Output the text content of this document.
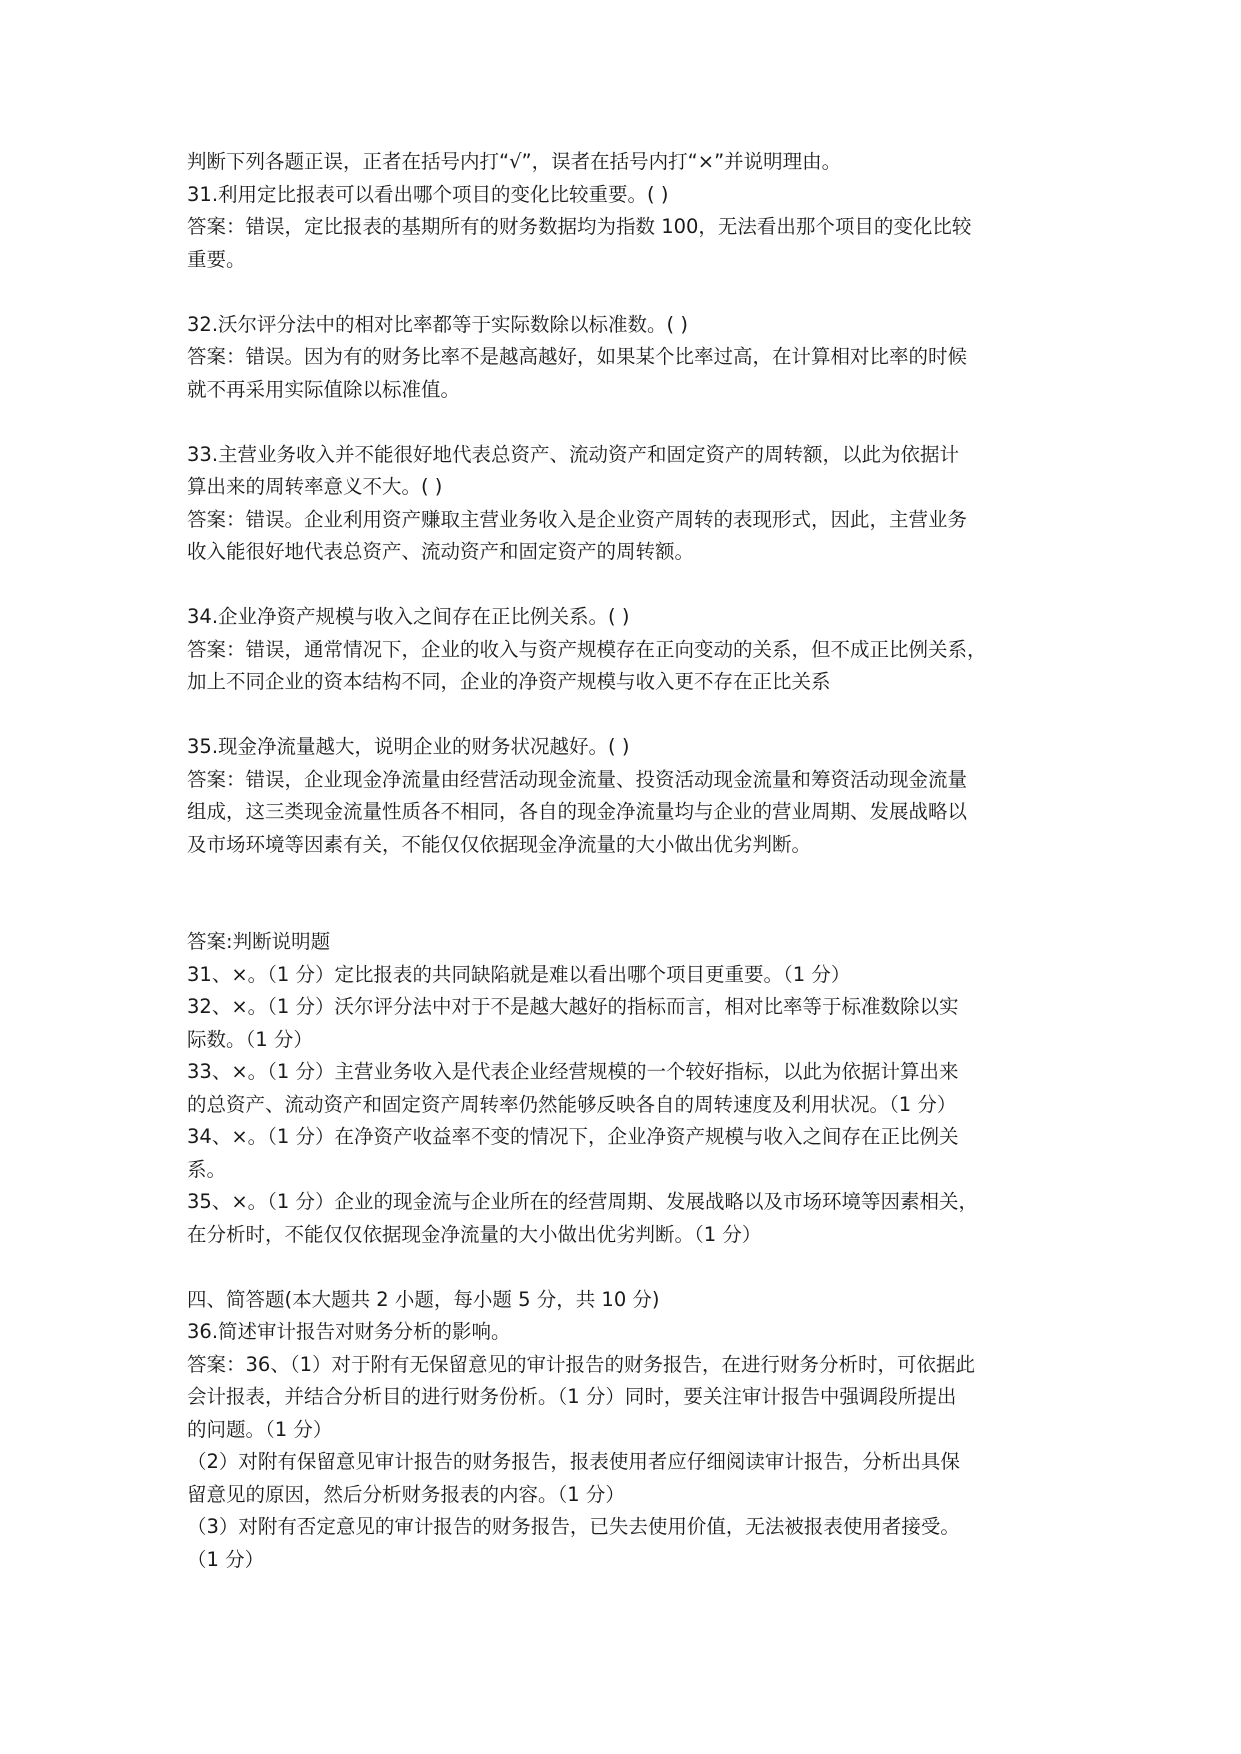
判断下列各题正误，正者在括号内打“√”，误者在括号内打“×”并说明理由。
31.利用定比报表可以看出哪个项目的变化比较重要。( )
答案：错误，定比报表的基期所有的财务数据均为指数 100，无法看出那个项目的变化比较
重要。
32.沃尔评分法中的相对比率都等于实际数除以标准数。( )
答案：错误。因为有的财务比率不是越高越好，如果某个比率过高，在计算相对比率的时候
就不再采用实际值除以标准值。
33.主营业务收入并不能很好地代表总资产、流动资产和固定资产的周转额，以此为依据计
算出来的周转率意义不大。( )
答案：错误。企业利用资产赚取主营业务收入是企业资产周转的表现形式，因此，主营业务
收入能很好地代表总资产、流动资产和固定资产的周转额。
34.企业净资产规模与收入之间存在正比例关系。( )
答案：错误，通常情况下，企业的收入与资产规模存在正向变动的关系，但不成正比例关系，
加上不同企业的资本结构不同，企业的净资产规模与收入更不存在正比关系
35.现金净流量越大，说明企业的财务状况越好。( )
答案：错误，企业现金净流量由经营活动现金流量、投资活动现金流量和筹资活动现金流量
组成，这三类现金流量性质各不相同，各自的现金净流量均与企业的营业周期、发展战略以
及市场环境等因素有关，不能仅仅依据现金净流量的大小做出优劣判断。
答案:判断说明题
31、×。（1 分）定比报表的共同缺陷就是难以看出哪个项目更重要。（1 分）
32、×。（1 分）沃尔评分法中对于不是越大越好的指标而言，相对比率等于标准数除以实
际数。（1 分）
33、×。（1 分）主营业务收入是代表企业经营规模的一个较好指标，以此为依据计算出来
的总资产、流动资产和固定资产周转率仍然能够反映各自的周转速度及利用状况。（1 分）
34、×。（1 分）在净资产收益率不变的情况下，企业净资产规模与收入之间存在正比例关
系。
35、×。（1 分）企业的现金流与企业所在的经营周期、发展战略以及市场环境等因素相关，
在分析时，不能仅仅依据现金净流量的大小做出优劣判断。（1 分）
四、简答题(本大题共 2 小题，每小题 5 分，共 10 分)
36.简述审计报告对财务分析的影响。
答案：36、（1）对于附有无保留意见的审计报告的财务报告，在进行财务分析时，可依据此
会计报表，并结合分析目的进行财务份析。（1 分）同时，要关注审计报告中强调段所提出
的问题。（1 分）
（2）对附有保留意见审计报告的财务报告，报表使用者应仔细阅读审计报告，分析出具保
留意见的原因，然后分析财务报表的内容。（1 分）
（3）对附有否定意见的审计报告的财务报告，已失去使用价值，无法被报表使用者接受。
（1 分）
